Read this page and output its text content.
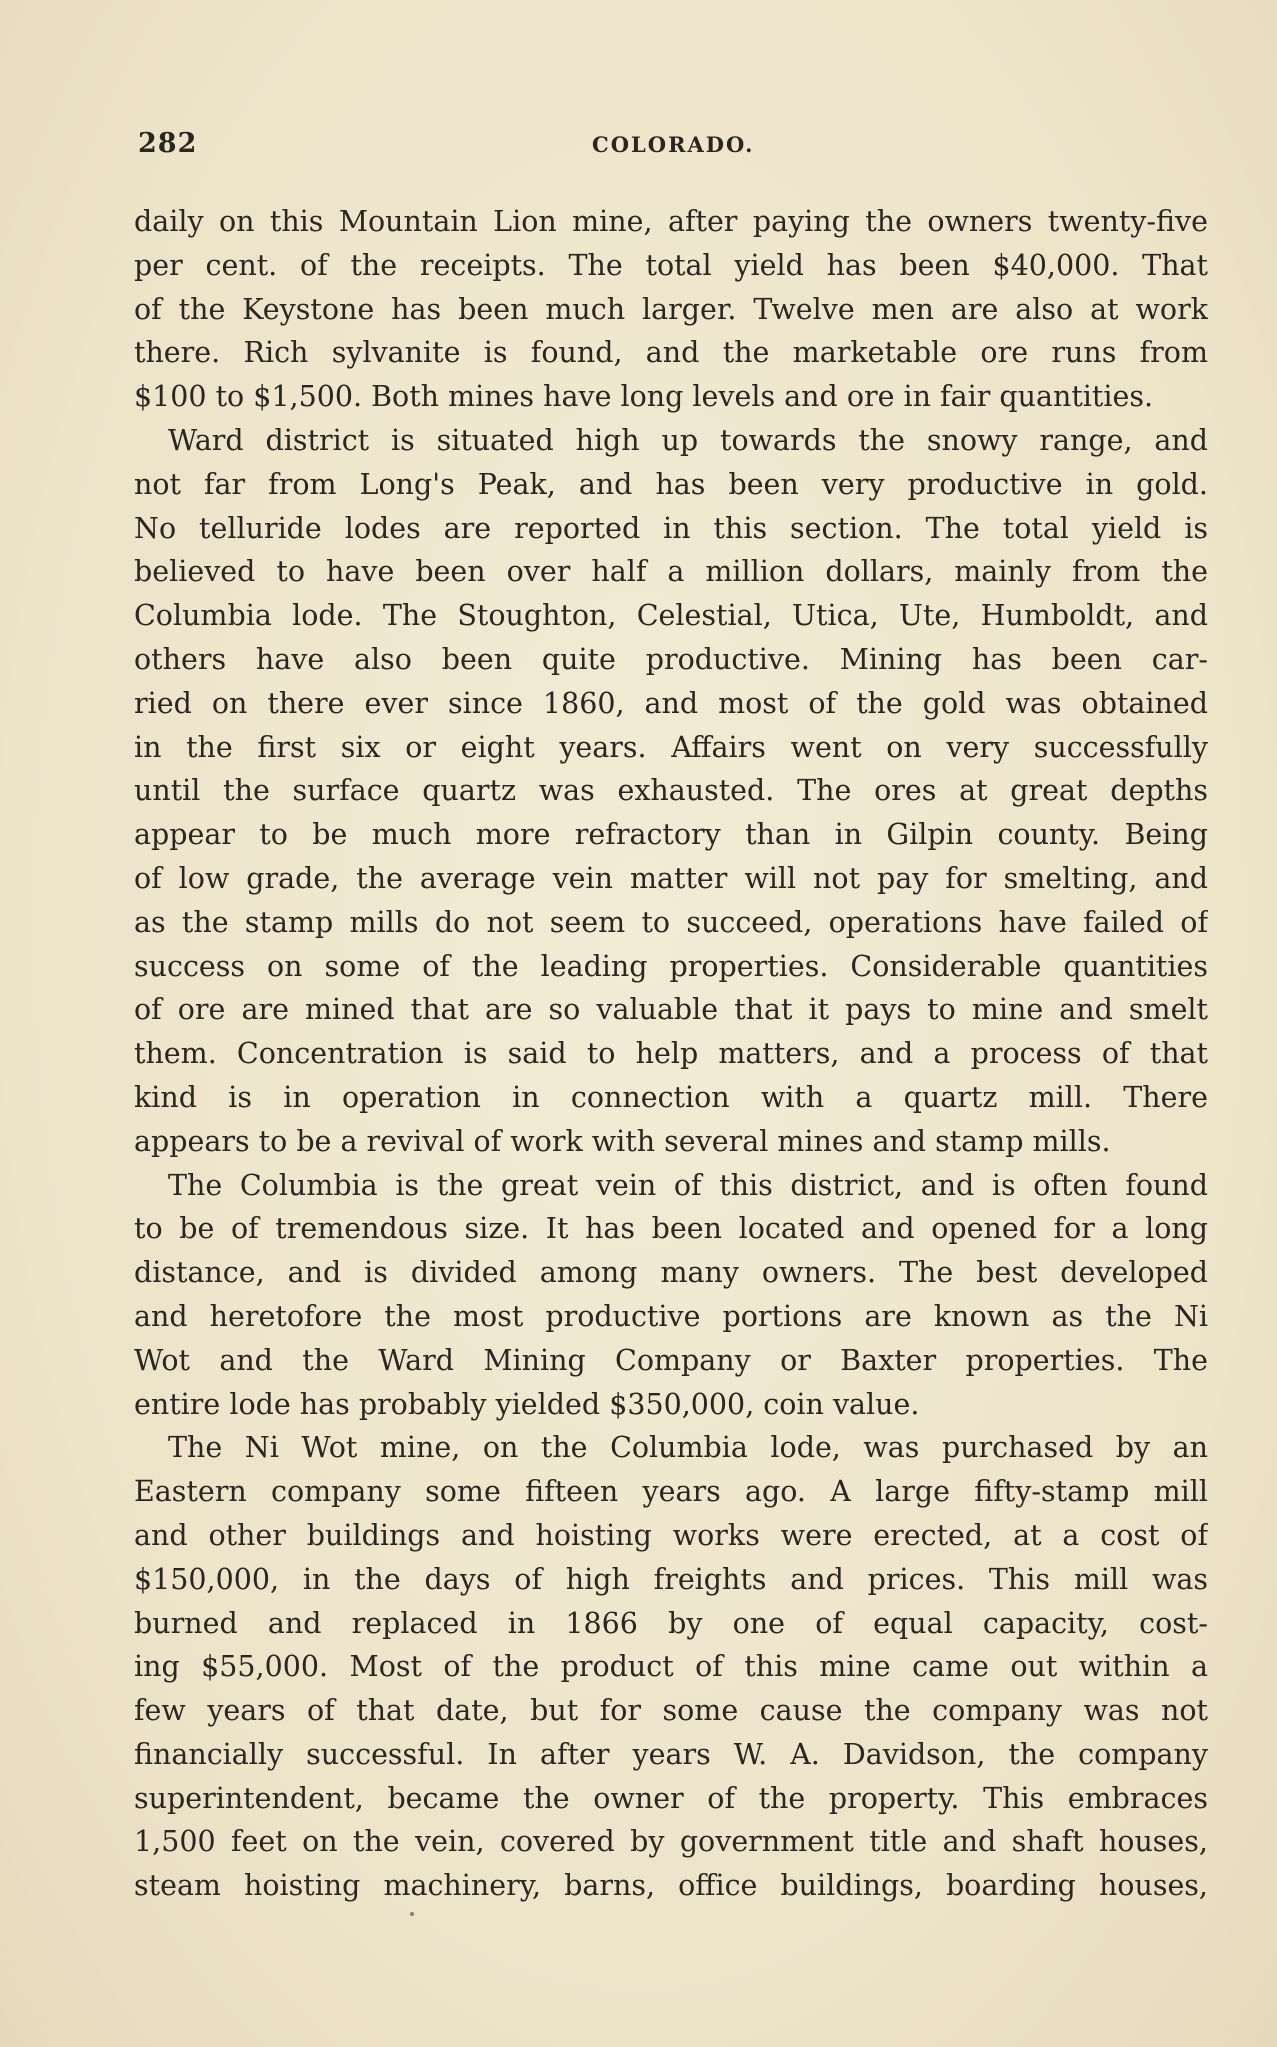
282	COLORADO.
daily on this Mountain Lion mine, after paying the owners twenty-five
per cent. of the receipts. The total yield has been $40,000. That
of the Keystone has been much larger. Twelve men are also at work
there. Rich sylvanite is found, and the marketable ore runs from
$100 to $1,500. Both mines have long levels and ore in fair quantities.
Ward district is situated high up towards the snowy range, and
not far from Long's Peak, and has been very productive in gold.
No telluride lodes are reported in this section. The total yield is
believed to have been over half a million dollars, mainly from the
Columbia lode. The Stoughton, Celestial, Utica, Ute, Humboldt, and
others have also been quite productive. Mining has been car-
ried on there ever since 1860, and most of the gold was obtained
in the first six or eight years. Affairs went on very successfully
until the surface quartz was exhausted. The ores at great depths
appear to be much more refractory than in Gilpin county. Being
of low grade, the average vein matter will not pay for smelting, and
as the stamp mills do not seem to succeed, operations have failed of
success on some of the leading properties. Considerable quantities
of ore are mined that are so valuable that it pays to mine and smelt
them. Concentration is said to help matters, and a process of that
kind is in operation in connection with a quartz mill. There
appears to be a revival of work with several mines and stamp mills.
The Columbia is the great vein of this district, and is often found
to be of tremendous size. It has been located and opened for a long
distance, and is divided among many owners. The best developed
and heretofore the most productive portions are known as the Ni
Wot and the Ward Mining Company or Baxter properties. The
entire lode has probably yielded $350,000, coin value.
The Ni Wot mine, on the Columbia lode, was purchased by an
Eastern company some fifteen years ago. A large fifty-stamp mill
and other buildings and hoisting works were erected, at a cost of
$150,000, in the days of high freights and prices. This mill was
burned and replaced in 1866 by one of equal capacity, cost-
ing $55,000. Most of the product of this mine came out within a
few years of that date, but for some cause the company was not
financially successful. In after years W. A. Davidson, the company
superintendent, became the owner of the property. This embraces
1,500 feet on the vein, covered by government title and shaft houses,
steam hoisting machinery, barns, office buildings, boarding houses,
